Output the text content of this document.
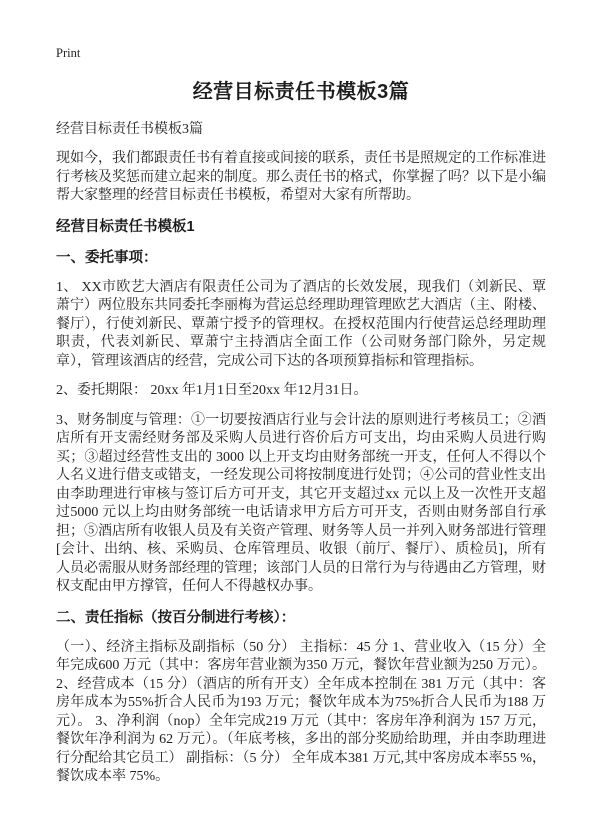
Print
经营目标责任书模板3篇

经营目标责任书模板3篇

现如今，我们都跟责任书有着直接或间接的联系，责任书是照规定的工作标准进行考核及奖惩而建立起来的制度。那么责任书的格式，你掌握了吗？以下是小编帮大家整理的经营目标责任书模板，希望对大家有所帮助。

经营目标责任书模板1
一、委托事项：

1、 XX市欧艺大酒店有限责任公司为了酒店的长效发展，现我们（刘新民、覃萧宁）两位股东共同委托李丽梅为营运总经理助理管理欧艺大酒店（主、附楼、餐厅），行使刘新民、覃萧宁授予的管理权。在授权范围内行使营运总经理助理职责，代表刘新民、覃萧宁主持酒店全面工作（公司财务部门除外，另定规章），管理该酒店的经营，完成公司下达的各项预算指标和管理指标。

2、委托期限： 20xx 年1月1日至20xx 年12月31日。

3、财务制度与管理：①一切要按酒店行业与会计法的原则进行考核员工；②酒店所有开支需经财务部及采购人员进行咨价后方可支出，均由采购人员进行购买；③超过经营性支出的 3000 以上开支均由财务部统一开支，任何人不得以个人名义进行借支或错支，一经发现公司将按制度进行处罚；④公司的营业性支出由李助理进行审核与签订后方可开支，其它开支超过xx 元以上及一次性开支超过5000 元以上均由财务部统一电话请求甲方后方可开支，否则由财务部自行承担；⑤酒店所有收银人员及有关资产管理、财务等人员一并列入财务部进行管理[会计、出纳、核、采购员、仓库管理员、收银（前厅、餐厅）、质检员]，所有人员必需服从财务部经理的管理；该部门人员的日常行为与待遇由乙方管理，财权支配由甲方撑管，任何人不得越权办事。

二、责任指标（按百分制进行考核）：

（一）、经济主指标及副指标（50 分） 主指标：45 分 1、营业收入（15 分）全年完成600 万元（其中：客房年营业额为350 万元，餐饮年营业额为250 万元）。 2、经营成本（15 分）（酒店的所有开支）全年成本控制在 381 万元（其中：客房年成本为55%折合人民币为193 万元；餐饮年成本为75%折合人民币为188 万元）。 3、净利润（nop）全年完成219 万元（其中：客房年净利润为 157 万元，餐饮年净利润为 62 万元）。（年底考核，多出的部分奖励给助理，并由李助理进行分配给其它员工） 副指标：（5 分） 全年成本381 万元,其中客房成本率55 %，餐饮成本率 75%。
